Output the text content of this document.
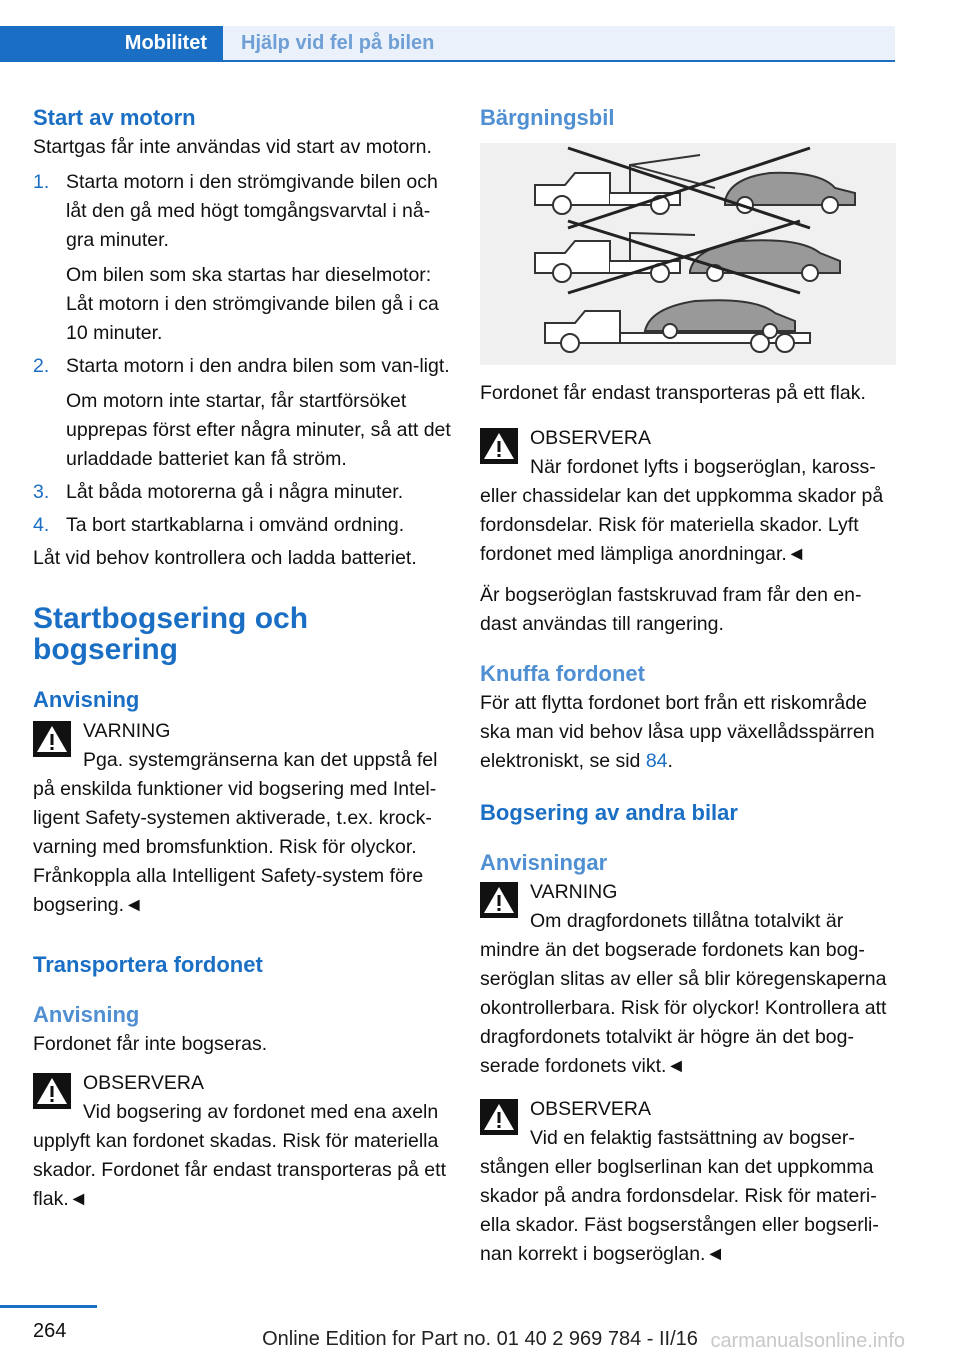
Mobilitet Hjälp vid fel på bilen
Start av motorn

Startgas får inte användas vid start av motorn.

1. Starta motorn i den strömgivande bilen och låt den gå med högt tomgångsvarvtal i nå‐gra minuter.

Om bilen som ska startas har dieselmotor: Låt motorn i den strömgivande bilen gå i ca 10 minuter.

2. Starta motorn i den andra bilen som van‐ligt.

Om motorn inte startar, får startförsöket upprepas först efter några minuter, så att det urladdade batteriet kan få ström.

3. Låt båda motorerna gå i några minuter.
4. Ta bort startkablarna i omvänd ordning.

Låt vid behov kontrollera och ladda batteriet.

Startbogsering och bogsering
Anvisning
VARNING
Pga. systemgränserna kan det uppstå fel på enskilda funktioner vid bogsering med Intel‐ligent Safety-systemen aktiverade, t.ex. krock‐varning med bromsfunktion. Risk för olyckor. Frånkoppla alla Intelligent Safety-system före bogsering.◄
Transportera fordonet
Anvisning

Fordonet får inte bogseras.

OBSERVERA
Vid bogsering av fordonet med ena axeln upplyft kan fordonet skadas. Risk för materiella skador. Fordonet får endast transporteras på ett flak.◄
Bärgningsbil

Fordonet får endast transporteras på ett flak.

OBSERVERA
När fordonet lyfts i bogseröglan, kaross- eller chassidelar kan det uppkomma skador på fordonsdelar. Risk för materiella skador. Lyft fordonet med lämpliga anordningar.◄

Är bogseröglan fastskruvad fram får den en‐dast användas till rangering.

Knuffa fordonet

För att flytta fordonet bort från ett riskområde ska man vid behov låsa upp växellådsspärren elektroniskt, se sid 84.

Bogsering av andra bilar
Anvisningar
VARNING
Om dragfordonets tillåtna totalvikt är mindre än det bogserade fordonets kan bog‐seröglan slitas av eller så blir köregenskaperna okontrollerbara. Risk för olyckor! Kontrollera att dragfordonets totalvikt är högre än det bog‐serade fordonets vikt.◄
OBSERVERA
Vid en felaktig fastsättning av bogser‐stången eller boglserlinan kan det uppkomma skador på andra fordonsdelar. Risk för materi‐ella skador. Fäst bogserstången eller bogserli‐nan korrekt i bogseröglan.◄
264	Online Edition for Part no. 01 40 2 969 784 - II/16 carmanualsonline.info
